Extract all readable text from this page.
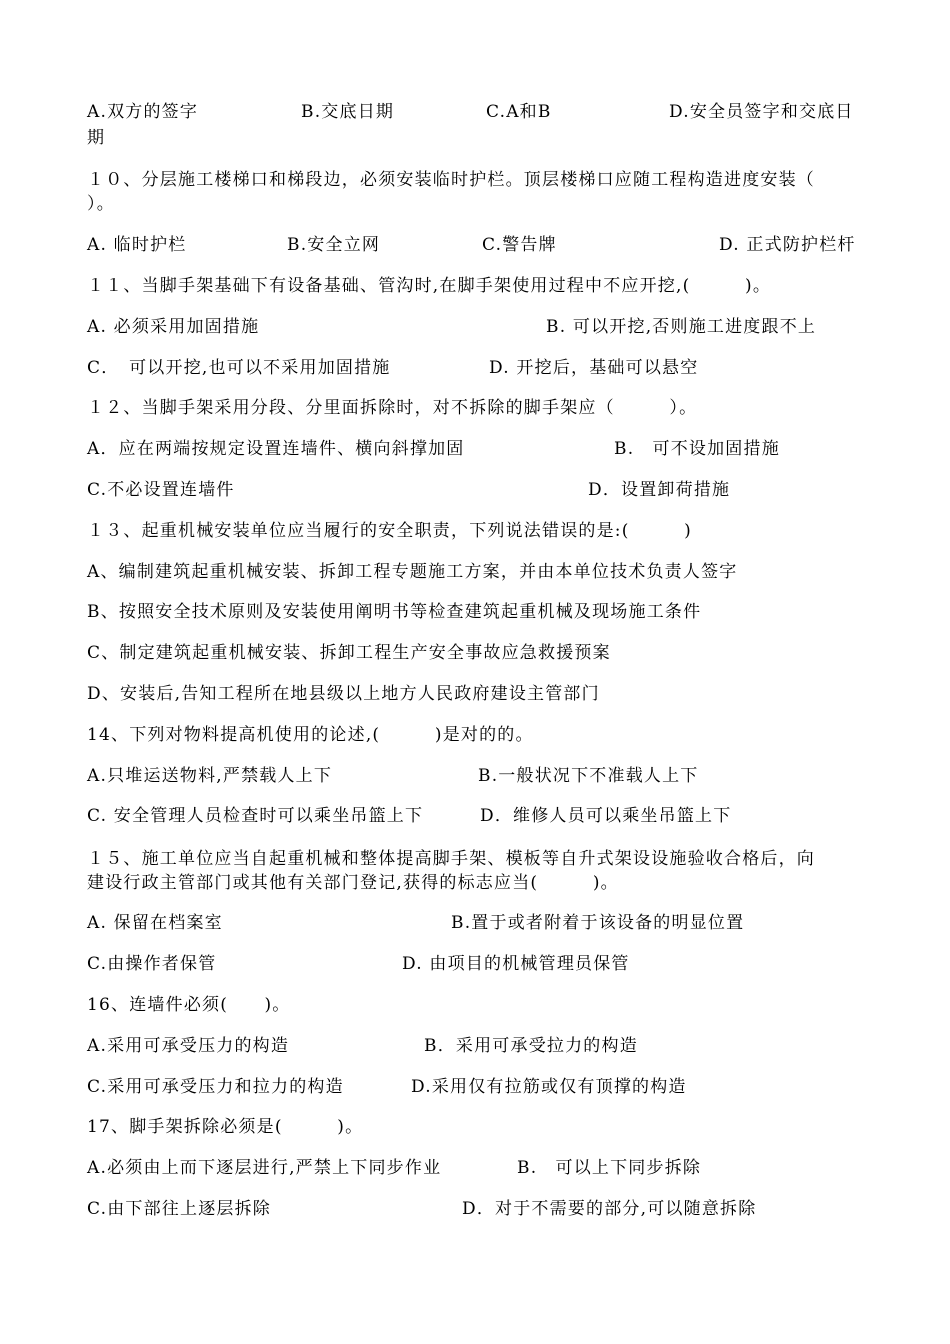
A.双方的签字	B.交底日期	C.A和B	D.安全员签字和交底日
期
１０、分层施工楼梯口和梯段边，必须安装临时护栏。顶层楼梯口应随工程构造进度安装（
）。
A. 临时护栏	B.安全立网	C.警告牌	D. 正式防护栏杆
１１、当脚手架基础下有设备基础、管沟时,在脚手架使用过程中不应开挖,(　　　)。
A. 必须采用加固措施	B. 可以开挖,否则施工进度跟不上
C．　可以开挖,也可以不采用加固措施	D. 开挖后，基础可以悬空
１２、当脚手架采用分段、分里面拆除时，对不拆除的脚手架应（　　　）。
A．应在两端按规定设置连墙件、横向斜撑加固	B.　可不设加固措施
C.不必设置连墙件	D．设置卸荷措施
１３、起重机械安装单位应当履行的安全职责，下列说法错误的是:(　　　)
A、编制建筑起重机械安装、拆卸工程专题施工方案，并由本单位技术负责人签字
B、按照安全技术原则及安装使用阐明书等检查建筑起重机械及现场施工条件
C、制定建筑起重机械安装、拆卸工程生产安全事故应急救援预案
D、安装后,告知工程所在地县级以上地方人民政府建设主管部门
14、下列对物料提高机使用的论述,(　　　)是对的的。
A.只堆运送物料,严禁载人上下	B.一般状况下不准载人上下
C. 安全管理人员检查时可以乘坐吊篮上下	D．维修人员可以乘坐吊篮上下
１５、施工单位应当自起重机械和整体提高脚手架、模板等自升式架设设施验收合格后，向
建设行政主管部门或其他有关部门登记,获得的标志应当(　　　)。
A. 保留在档案室	B.置于或者附着于该设备的明显位置
C.由操作者保管	D. 由项目的机械管理员保管
16、连墙件必须(　　)。
A.采用可承受压力的构造	B．采用可承受拉力的构造
C.采用可承受压力和拉力的构造	D.采用仅有拉筋或仅有顶撑的构造
17、脚手架拆除必须是(　　　)。
A.必须由上而下逐层进行,严禁上下同步作业	B.　可以上下同步拆除
C.由下部往上逐层拆除	D．对于不需要的部分,可以随意拆除
